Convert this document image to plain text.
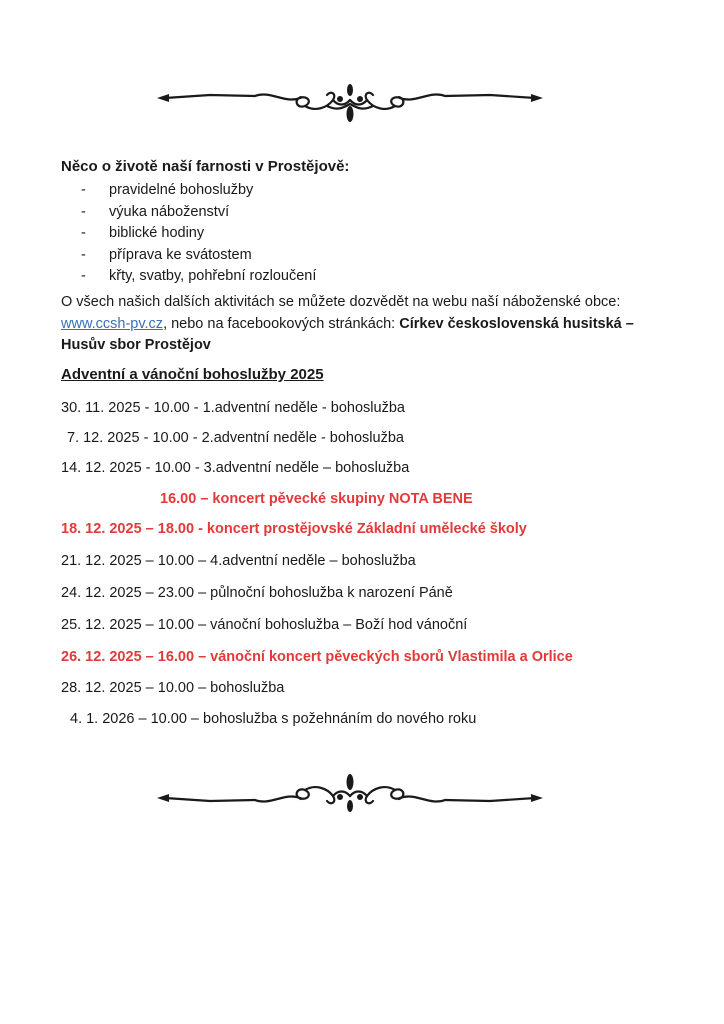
Něco o životě naší farnosti v Prostějově:
- pravidelné bohoslužby
- výuka náboženství
- biblické hodiny
- příprava ke svátostem
- křty, svatby, pohřební rozloučení
O všech našich dalších aktivitách se můžete dozvědět na webu naší náboženské obce: www.ccsh-pv.cz, nebo na facebookových stránkách: Církev československá husitská – Husův sbor Prostějov
Adventní a vánoční bohoslužby 2025
30. 11. 2025 - 10.00 - 1.adventní neděle - bohoslužba
7. 12. 2025 - 10.00 - 2.adventní neděle - bohoslužba
14. 12. 2025 - 10.00 - 3.adventní neděle – bohoslužba
16.00 – koncert pěvecké skupiny NOTA BENE
18. 12. 2025 – 18.00 - koncert prostějovské Základní umělecké školy
21. 12. 2025 – 10.00 – 4.adventní neděle – bohoslužba
24. 12. 2025 – 23.00 – půlnoční bohoslužba k narození Páně
25. 12. 2025 – 10.00 – vánoční bohoslužba – Boží hod vánoční
26. 12. 2025 – 16.00 – vánoční koncert pěveckých sborů Vlastimila a Orlice
28. 12. 2025 – 10.00 – bohoslužba
4. 1. 2026 – 10.00 – bohoslužba s požehnáním do nového roku
